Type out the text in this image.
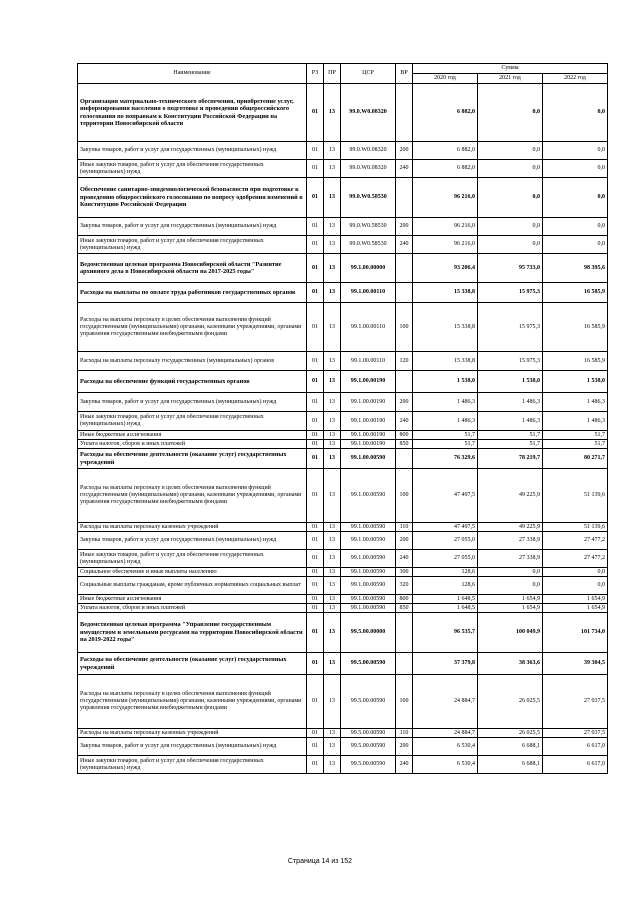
Наименование	РЗ	ПР	ЦСР	ВР	Сумма		
					2020 год	2021 год	2022 год
Организация материально-технического обеспечения, приобретение услуг, информирования населения о подготовке и проведении общероссийского голосования по поправкам к Конституции Российской Федерации на территории Новосибирской области	01	13	99.0.W0.08320		6 882,0	0,0	0,0
Закупка товаров, работ и услуг для государственных (муниципальных) нужд	01	13	99.0.W0.08320	200	6 882,0	0,0	0,0
Иные закупки товаров, работ и услуг для обеспечения государственных (муниципальных) нужд	01	13	99.0.W0.08320	240	6 882,0	0,0	0,0
Обеспечение санитарно-эпидемиологической безопасности при подготовке к проведению общероссийского голосования по вопросу одобрения изменений в Конституцию Российской Федерации	01	13	99.0.W0.58530		96 216,0	0,0	0,0
Закупка товаров, работ и услуг для государственных (муниципальных) нужд	01	13	99.0.W0.58530	200	96 216,0	0,0	0,0
Иные закупки товаров, работ и услуг для обеспечения государственных (муниципальных) нужд	01	13	99.0.W0.58530	240	96 216,0	0,0	0,0
Ведомственная целевая программа Новосибирской области "Развитие архивного дела в Новосибирской области на 2017-2025 годы"	01	13	99.1.00.00000		93 206,4	95 733,0	98 395,6
Расходы на выплаты по оплате труда работников государственных органов	01	13	99.1.00.00110		15 338,8	15 975,3	16 585,9
Расходы на выплаты персоналу в целях обеспечения выполнения функций государственными (муниципальными) органами, казенными учреждениями, органами управления государственными внебюджетными фондами	01	13	99.1.00.00110	100	15 338,8	15 975,3	16 585,9
Расходы на выплаты персоналу государственных (муниципальных) органов	01	13	99.1.00.00110	120	15 338,8	15 975,3	16 585,9
Расходы на обеспечение функций государственных органов	01	13	99.1.00.00190		1 538,0	1 538,0	1 538,0
Закупка товаров, работ и услуг для государственных (муниципальных) нужд	01	13	99.1.00.00190	200	1 486,3	1 486,3	1 486,3
Иные закупки товаров, работ и услуг для обеспечения государственных (муниципальных) нужд	01	13	99.1.00.00190	240	1 486,3	1 486,3	1 486,3
Иные бюджетные ассигнования	01	13	99.1.00.00190	800	51,7	51,7	51,7
Уплата налогов, сборов и иных платежей	01	13	99.1.00.00190	850	51,7	51,7	51,7
Расходы на обеспечение деятельности (оказание услуг) государственных учреждений	01	13	99.1.00.00590		76 329,6	78 219,7	80 271,7
Расходы на выплаты персоналу в целях обеспечения выполнения функций государственными (муниципальными) органами, казенными учреждениями, органами управления государственными внебюджетными фондами	01	13	99.1.00.00590	100	47 497,5	49 225,9	51 139,6
Расходы на выплаты персоналу казенных учреждений	01	13	99.1.00.00590	110	47 497,5	49 225,9	51 139,6
Закупка товаров, работ и услуг для государственных (муниципальных) нужд	01	13	99.1.00.00590	200	27 055,0	27 338,9	27 477,2
Иные закупки товаров, работ и услуг для обеспечения государственных (муниципальных) нужд	01	13	99.1.00.00590	240	27 055,0	27 338,9	27 477,2
Социальное обеспечение и иные выплаты населению	01	13	99.1.00.00590	300	128,6	0,0	0,0
Социальные выплаты гражданам, кроме публичных нормативных социальных выплат	01	13	99.1.00.00590	320	128,6	0,0	0,0
Иные бюджетные ассигнования	01	13	99.1.00.00590	800	1 648,5	1 654,9	1 654,9
Уплата налогов, сборов и иных платежей	01	13	99.1.00.00590	850	1 648,5	1 654,9	1 654,9
Ведомственная целевая программа "Управление государственным имуществом и земельными ресурсами на территории Новосибирской области на 2019-2022 годы"	01	13	99.5.00.00000		96 535,7	100 049,9	101 734,0
Расходы на обеспечение деятельности (оказание услуг) государственных учреждений	01	13	99.5.00.00590		37 379,8	38 363,6	39 304,5
Расходы на выплаты персоналу в целях обеспечения выполнения функций государственными (муниципальными) органами, казенными учреждениями, органами управления государственными внебюджетными фондами	01	13	99.5.00.00590	100	24 884,7	26 025,5	27 037,5
Расходы на выплаты персоналу казенных учреждений	01	13	99.5.00.00590	110	24 884,7	26 025,5	27 037,5
Закупка товаров, работ и услуг для государственных (муниципальных) нужд	01	13	99.5.00.00590	200	6 530,4	6 688,1	6 617,0
Иные закупки товаров, работ и услуг для обеспечения государственных (муниципальных) нужд	01	13	99.5.00.00590	240	6 530,4	6 688,1	6 617,0
Страница 14 из 152
